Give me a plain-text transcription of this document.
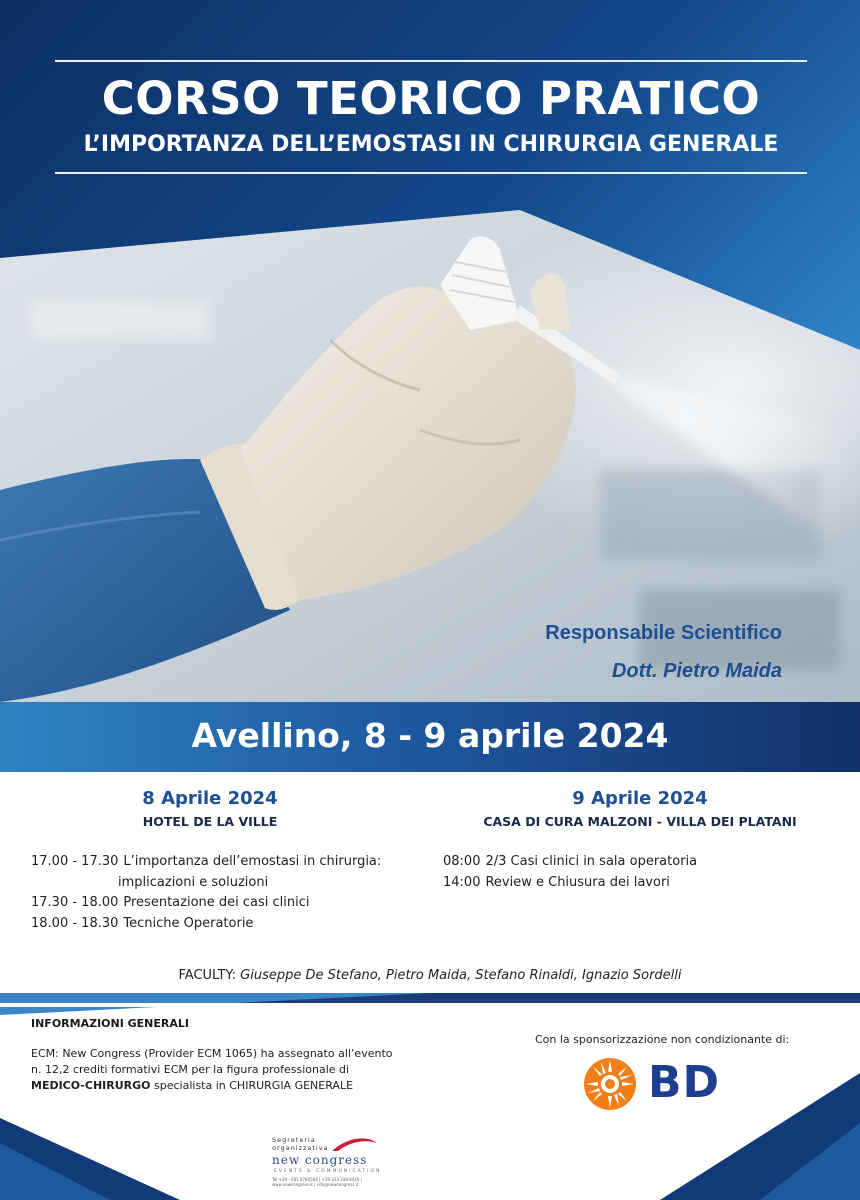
CORSO TEORICO PRATICO
L’IMPORTANZA DELL’EMOSTASI IN CHIRURGIA GENERALE
Responsabile Scientifico
Dott. Pietro Maida
Avellino, 8 - 9 aprile 2024
8 Aprile 2024
HOTEL DE LA VILLE
9 Aprile 2024
CASA DI CURA MALZONI - VILLA DEI PLATANI
17.00 - 17.30 L’importanza dell’emostasi in chirurgia:
implicazioni e soluzioni
17.30 - 18.00 Presentazione dei casi clinici
18.00 - 18.30 Tecniche Operatorie
08:00 2/3 Casi clinici in sala operatoria
14:00 Review e Chiusura dei lavori
FACULTY: Giuseppe De Stefano, Pietro Maida, Stefano Rinaldi, Ignazio Sordelli
INFORMAZIONI GENERALI
ECM: New Congress (Provider ECM 1065) ha assegnato all’evento
n. 12,2 crediti formativi ECM per la figura professionale di
MEDICO-CHIRURGO specialista in CHIRURGIA GENERALE
Con la sponsorizzazione non condizionante di:
BD
Segreteria
organizzativa
new congress
EVENTS & COMMUNICATION
Tel +39 - 081 8780584 | +39 334 248 8440 | www.newcongress.it | info@newcongress.it
